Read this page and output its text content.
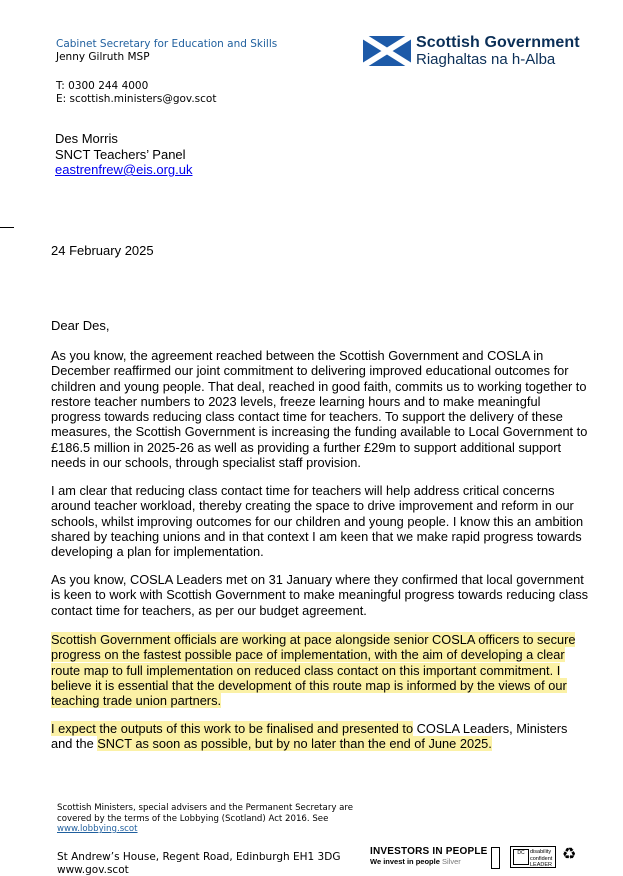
Cabinet Secretary for Education and Skills
Jenny Gilruth MSP
T: 0300 244 4000
E: scottish.ministers@gov.scot
Scottish Government
Riaghaltas na h-Alba
Des Morris
SNCT Teachers’ Panel
eastrenfrew@eis.org.uk
24 February 2025
Dear Des,

As you know, the agreement reached between the Scottish Government and COSLA in December reaffirmed our joint commitment to delivering improved educational outcomes for children and young people. That deal, reached in good faith, commits us to working together to restore teacher numbers to 2023 levels, freeze learning hours and to make meaningful progress towards reducing class contact time for teachers. To support the delivery of these measures, the Scottish Government is increasing the funding available to Local Government to £186.5 million in 2025-26 as well as providing a further £29m to support additional support needs in our schools, through specialist staff provision.

I am clear that reducing class contact time for teachers will help address critical concerns around teacher workload, thereby creating the space to drive improvement and reform in our schools, whilst improving outcomes for our children and young people. I know this an ambition shared by teaching unions and in that context I am keen that we make rapid progress towards developing a plan for implementation.

As you know, COSLA Leaders met on 31 January where they confirmed that local government is keen to work with Scottish Government to make meaningful progress towards reducing class contact time for teachers, as per our budget agreement.

Scottish Government officials are working at pace alongside senior COSLA officers to secure progress on the fastest possible pace of implementation, with the aim of developing a clear route map to full implementation on reduced class contact on this important commitment. I believe it is essential that the development of this route map is informed by the views of our teaching trade union partners.

I expect the outputs of this work to be finalised and presented to COSLA Leaders, Ministers and the SNCT as soon as possible, but by no later than the end of June 2025.

Scottish Ministers, special advisers and the Permanent Secretary are covered by the terms of the Lobbying (Scotland) Act 2016. See
www.lobbying.scot
St Andrew’s House, Regent Road, Edinburgh EH1 3DG
www.gov.scot
INVESTORS IN PEOPLE
We invest in people Silver
DC disability
confident
LEADER
♻
